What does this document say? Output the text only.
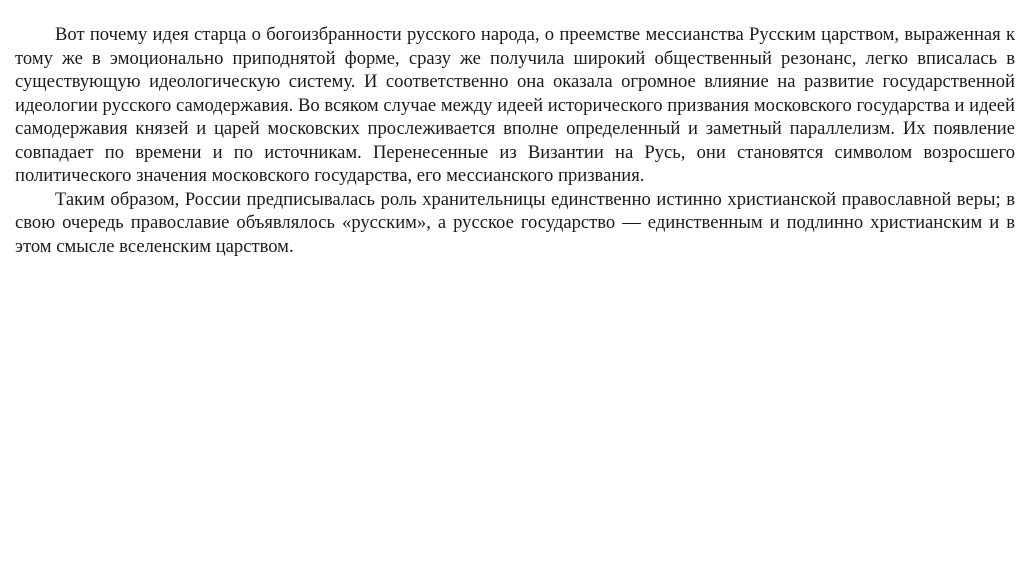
Вот почему идея старца о богоизбранности русского народа, о преемстве мессианства Русским царством, выраженная к тому же в эмоционально приподнятой форме, сразу же получила широкий общественный резонанс, легко вписалась в существующую идеологическую систему. И соответственно она оказала огромное влияние на развитие государственной идеологии русского самодержавия. Во всяком случае между идеей исторического призвания московского государства и идеей самодержавия князей и царей московских прослеживается вполне определенный и заметный параллелизм. Их появление совпадает по времени и по источникам. Перенесенные из Византии на Русь, они становятся символом возросшего политического значения московского государства, его мессианского призвания.

Таким образом, России предписывалась роль хранительницы единственно истинно христианской православной веры; в свою очередь православие объявлялось «русским», а русское государство — единственным и подлинно христианским и в этом смысле вселенским царством.
